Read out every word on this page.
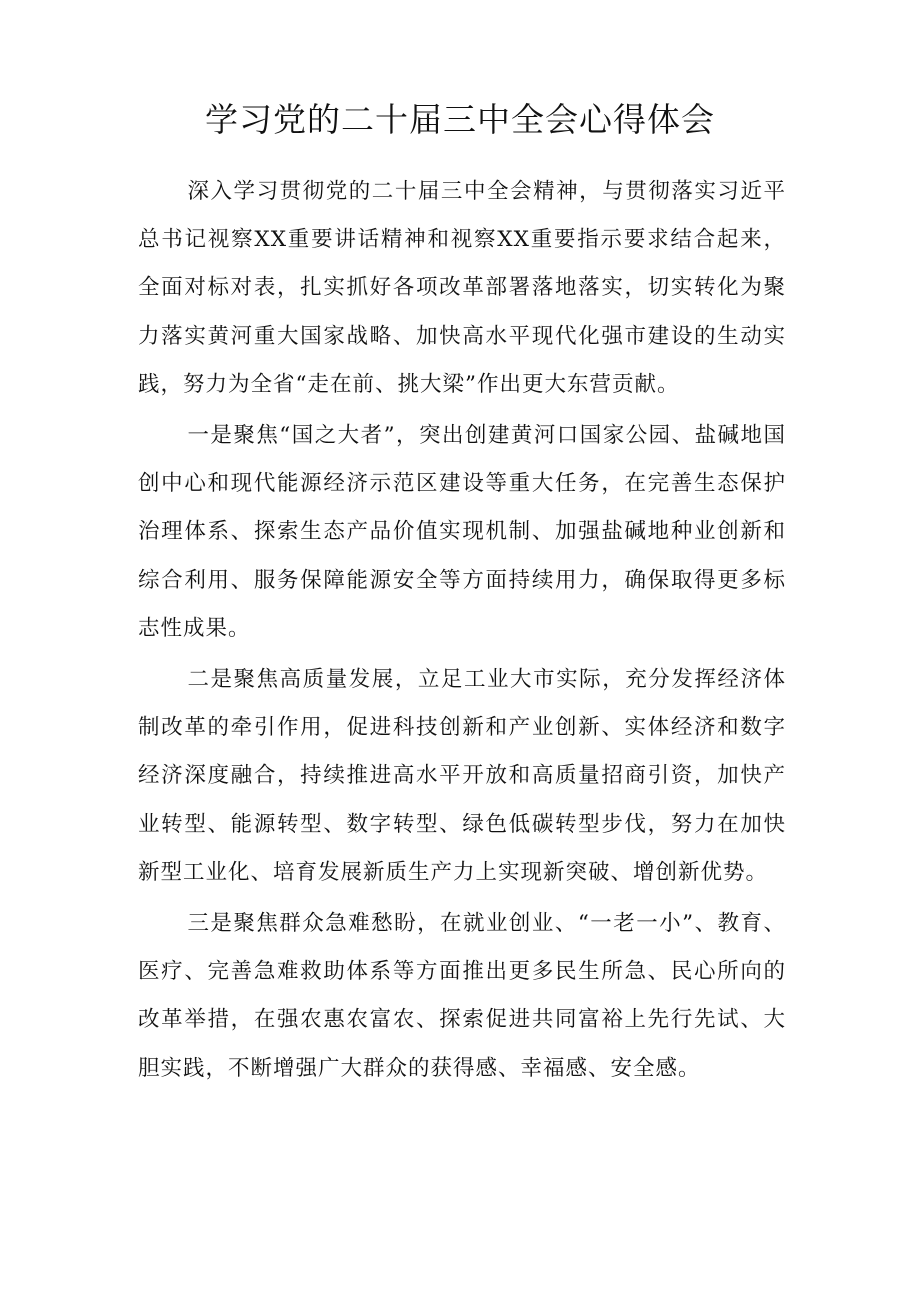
学习党的二十届三中全会心得体会

深入学习贯彻党的二十届三中全会精神，与贯彻落实习近平总书记视察XX重要讲话精神和视察XX重要指示要求结合起来，全面对标对表，扎实抓好各项改革部署落地落实，切实转化为聚力落实黄河重大国家战略、加快高水平现代化强市建设的生动实践，努力为全省“走在前、挑大梁”作出更大东营贡献。

一是聚焦“国之大者”，突出创建黄河口国家公园、盐碱地国创中心和现代能源经济示范区建设等重大任务，在完善生态保护治理体系、探索生态产品价值实现机制、加强盐碱地种业创新和综合利用、服务保障能源安全等方面持续用力，确保取得更多标志性成果。

二是聚焦高质量发展，立足工业大市实际，充分发挥经济体制改革的牵引作用，促进科技创新和产业创新、实体经济和数字经济深度融合，持续推进高水平开放和高质量招商引资，加快产业转型、能源转型、数字转型、绿色低碳转型步伐，努力在加快新型工业化、培育发展新质生产力上实现新突破、增创新优势。

三是聚焦群众急难愁盼，在就业创业、“一老一小”、教育、医疗、完善急难救助体系等方面推出更多民生所急、民心所向的改革举措，在强农惠农富农、探索促进共同富裕上先行先试、大胆实践，不断增强广大群众的获得感、幸福感、安全感。
